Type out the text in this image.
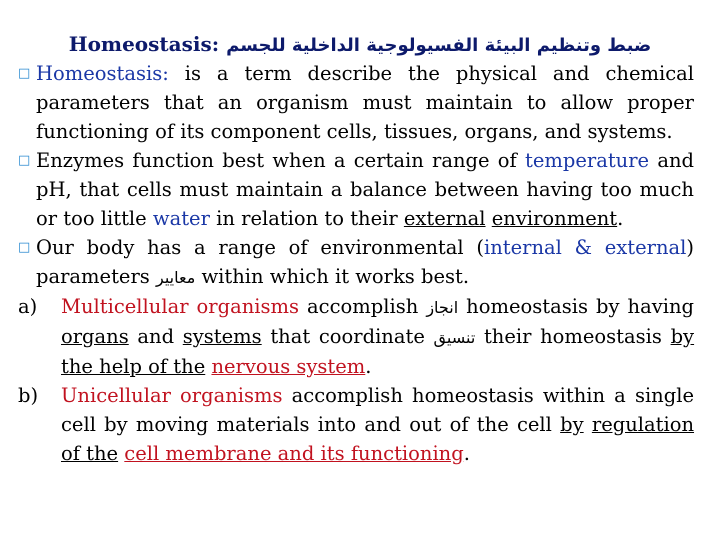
Homeostasis: ضبط وتنظيم البيئة الفسيولوجية الداخلية للجسم
□ Homeostasis: is a term describe the physical and chemical parameters that an organism must maintain to allow proper functioning of its component cells, tissues, organs, and systems.
□ Enzymes function best when a certain range of temperature and pH, that cells must maintain a balance between having too much or too little water in relation to their external environment.
□ Our body has a range of environmental (internal & external) parameters معايير within which it works best.
a) Multicellular organisms accomplish انجاز homeostasis by having organs and systems that coordinate تنسيق their homeostasis by the help of the nervous system.
b) Unicellular organisms accomplish homeostasis within a single cell by moving materials into and out of the cell by regulation of the cell membrane and its functioning.
